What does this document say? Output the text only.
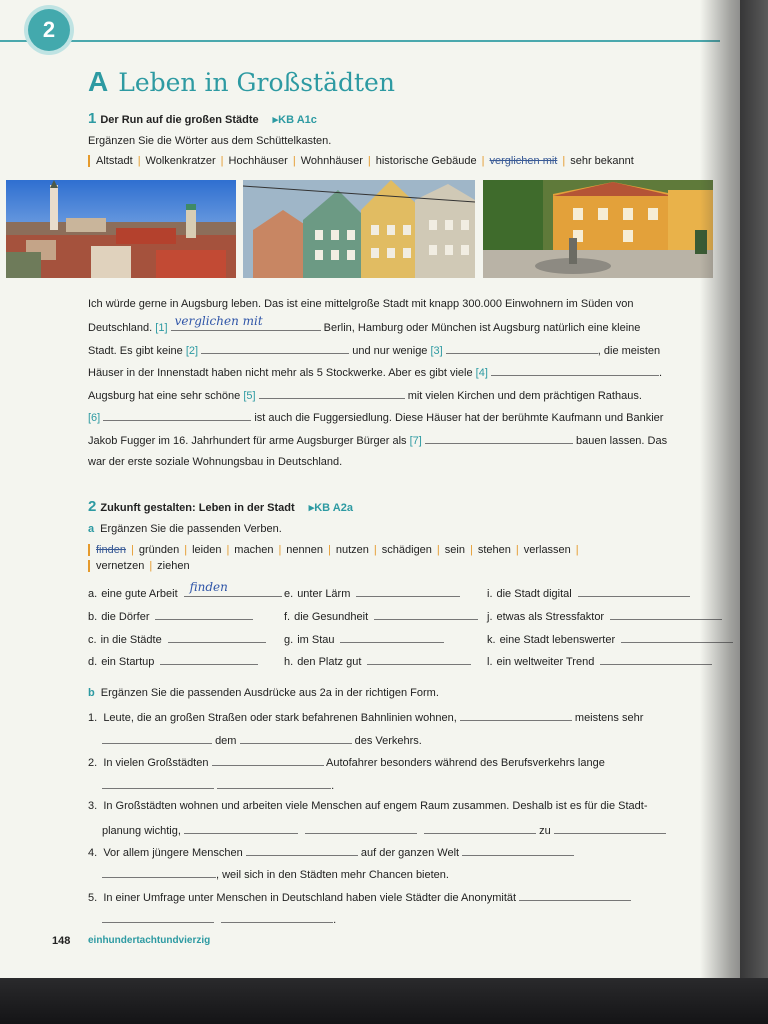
2
A Leben in Großstädten
1 Der Run auf die großen Städte ▸ KB A1c
Ergänzen Sie die Wörter aus dem Schüttelkasten.
Altstadt | Wolkenkratzer | Hochhäuser | Wohnhäuser | historische Gebäude | verglichen mit | sehr bekannt
Ich würde gerne in Augsburg leben. Das ist eine mittelgroße Stadt mit knapp 300.000 Einwohnern im Süden von
Deutschland. [1] verglichen mit	Berlin, Hamburg oder München ist Augsburg natürlich eine kleine
Stadt. Es gibt keine [2]	und nur wenige [3]	, die meisten
Häuser in der Innenstadt haben nicht mehr als 5 Stockwerke. Aber es gibt viele [4]	.
Augsburg hat eine sehr schöne [5]	mit vielen Kirchen und dem prächtigen Rathaus.
[6]	ist auch die Fuggersiedlung. Diese Häuser hat der berühmte Kaufmann und Bankier
Jakob Fugger im 16. Jahrhundert für arme Augsburger Bürger als [7]	bauen lassen. Das
war der erste soziale Wohnungsbau in Deutschland.
2 Zukunft gestalten: Leben in der Stadt ▸ KB A2a
a Ergänzen Sie die passenden Verben.
finden | gründen | leiden | machen | nennen | nutzen | schädigen | sein | stehen | verlassen |
vernetzen | ziehen
a. eine gute Arbeit finden
b. die Dörfer
c. in die Städte
d. ein Startup
e. unter Lärm
f. die Gesundheit
g. im Stau
h. den Platz gut
i. die Stadt digital
j. etwas als Stressfaktor
k. eine Stadt lebenswerter
l. ein weltweiter Trend
b Ergänzen Sie die passenden Ausdrücke aus 2a in der richtigen Form.
1. Leute, die an großen Straßen oder stark befahrenen Bahnlinien wohnen,	meistens sehr
dem	des Verkehrs.
2. In vielen Großstädten	Autofahrer besonders während des Berufsverkehrs lange
.
3. In Großstädten wohnen und arbeiten viele Menschen auf engem Raum zusammen. Deshalb ist es für die Stadt-
planung wichtig,	zu
4. Vor allem jüngere Menschen	auf der ganzen Welt
, weil sich in den Städten mehr Chancen bieten.
5. In einer Umfrage unter Menschen in Deutschland haben viele Städter die Anonymität
.
148 einhundertachtundvierzig
